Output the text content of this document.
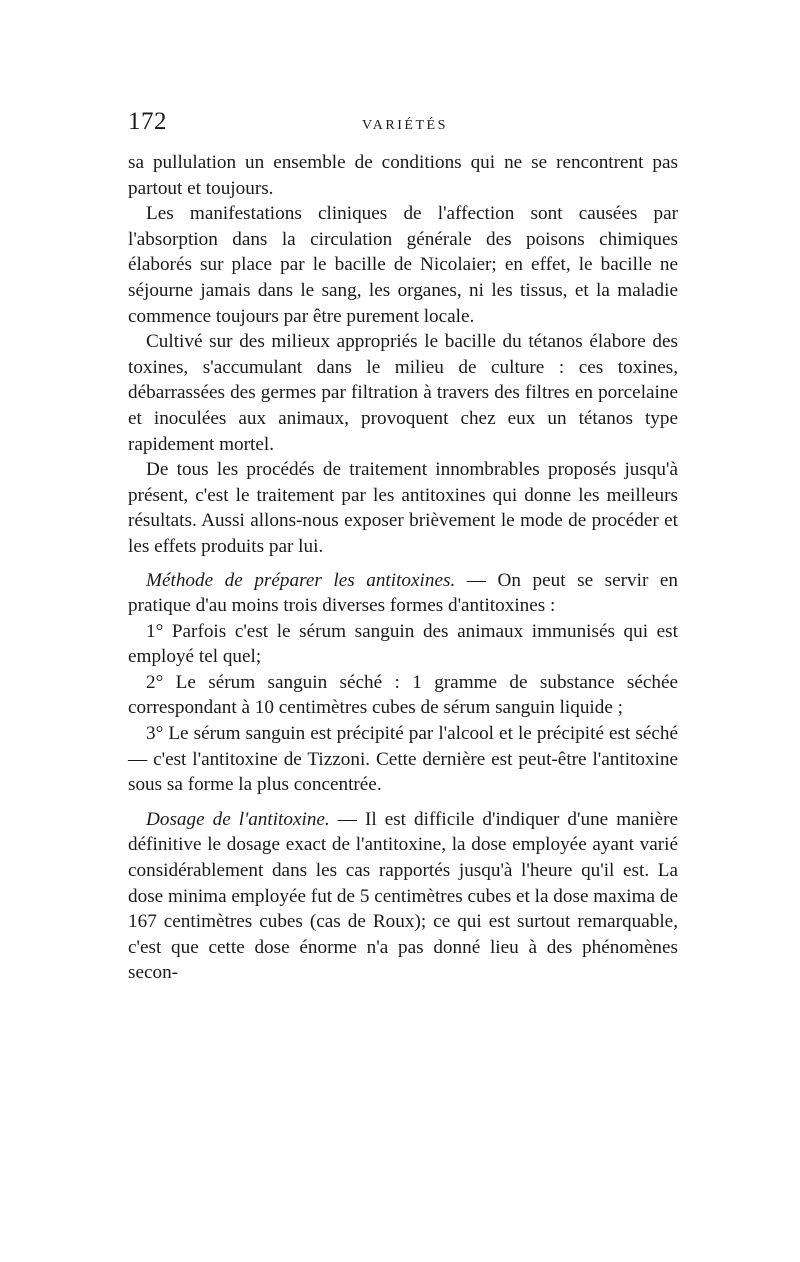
172	VARIÉTÉS

sa pullulation un ensemble de conditions qui ne se rencontrent pas partout et toujours.

Les manifestations cliniques de l'affection sont causées par l'absorption dans la circulation générale des poisons chimiques élaborés sur place par le bacille de Nicolaier; en effet, le bacille ne séjourne jamais dans le sang, les organes, ni les tissus, et la maladie commence toujours par être purement locale.

Cultivé sur des milieux appropriés le bacille du tétanos élabore des toxines, s'accumulant dans le milieu de culture : ces toxines, débarrassées des germes par filtration à travers des filtres en porcelaine et inoculées aux animaux, provoquent chez eux un tétanos type rapidement mortel.

De tous les procédés de traitement innombrables proposés jusqu'à présent, c'est le traitement par les antitoxines qui donne les meilleurs résultats. Aussi allons-nous exposer brièvement le mode de procéder et les effets produits par lui.

Méthode de préparer les antitoxines. — On peut se servir en pratique d'au moins trois diverses formes d'antitoxines :

1° Parfois c'est le sérum sanguin des animaux immunisés qui est employé tel quel;

2° Le sérum sanguin séché : 1 gramme de substance séchée correspondant à 10 centimètres cubes de sérum sanguin liquide ;

3° Le sérum sanguin est précipité par l'alcool et le précipité est séché — c'est l'antitoxine de Tizzoni. Cette dernière est peut-être l'antitoxine sous sa forme la plus concentrée.

Dosage de l'antitoxine. — Il est difficile d'indiquer d'une manière définitive le dosage exact de l'antitoxine, la dose employée ayant varié considérablement dans les cas rapportés jusqu'à l'heure qu'il est. La dose minima employée fut de 5 centimètres cubes et la dose maxima de 167 centimètres cubes (cas de Roux); ce qui est surtout remarquable, c'est que cette dose énorme n'a pas donné lieu à des phénomènes secon-
